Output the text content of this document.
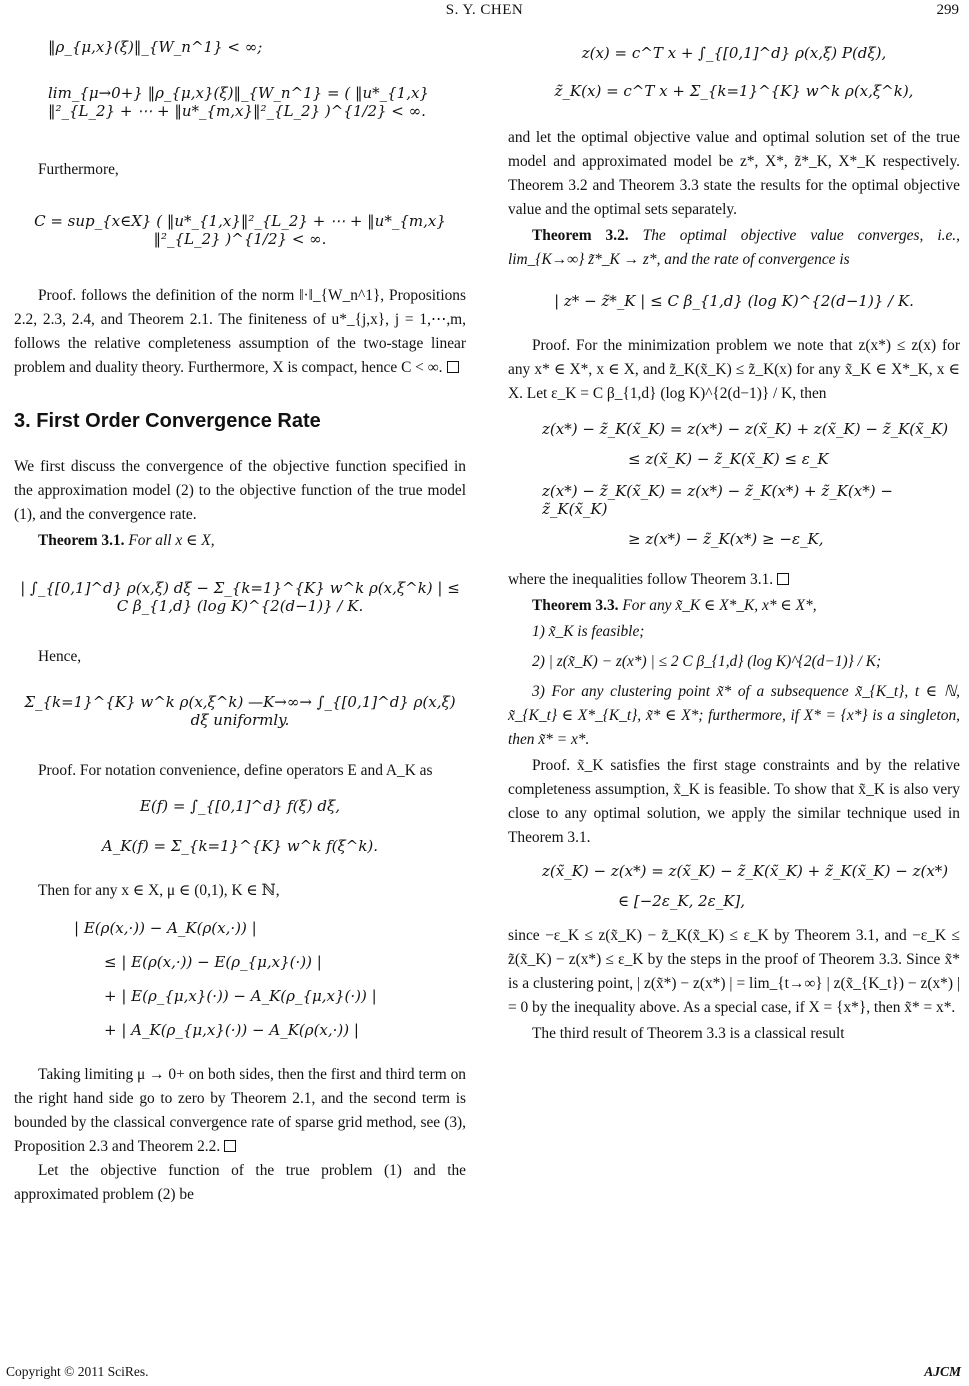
S. Y. CHEN	299

‖ρ_{μ,x}(ξ)‖_{W_n^1} < ∞;

lim_{μ→0+} ‖ρ_{μ,x}(ξ)‖_{W_n^1} = ( ‖u*_{1,x}‖²_{L_2} + ⋯ + ‖u*_{m,x}‖²_{L_2} )^{1/2} < ∞.

Furthermore,

C = sup_{x∈X} ( ‖u*_{1,x}‖²_{L_2} + ⋯ + ‖u*_{m,x}‖²_{L_2} )^{1/2} < ∞.

Proof. follows the definition of the norm ‖·‖_{W_n^1}, Propositions 2.2, 2.3, 2.4, and Theorem 2.1. The finiteness of u*_{j,x}, j = 1,⋯,m, follows the relative completeness assumption of the two-stage linear problem and duality theory. Furthermore, X is compact, hence C < ∞.

3. First Order Convergence Rate

We first discuss the convergence of the objective function specified in the approximation model (2) to the objective function of the true model (1), and the convergence rate.

Theorem 3.1. For all x ∈ X,

| ∫_{[0,1]^d} ρ(x,ξ) dξ − Σ_{k=1}^{K} w^k ρ(x,ξ^k) | ≤ C β_{1,d} (log K)^{2(d−1)} / K.

Hence,

Σ_{k=1}^{K} w^k ρ(x,ξ^k) —K→∞→ ∫_{[0,1]^d} ρ(x,ξ) dξ uniformly.

Proof. For notation convenience, define operators E and A_K as

E(f) = ∫_{[0,1]^d} f(ξ) dξ,

A_K(f) = Σ_{k=1}^{K} w^k f(ξ^k).

Then for any x ∈ X, μ ∈ (0,1), K ∈ ℕ,

| E(ρ(x,·)) − A_K(ρ(x,·)) |

≤ | E(ρ(x,·)) − E(ρ_{μ,x}(·)) |

+ | E(ρ_{μ,x}(·)) − A_K(ρ_{μ,x}(·)) |

+ | A_K(ρ_{μ,x}(·)) − A_K(ρ(x,·)) |

Taking limiting μ → 0+ on both sides, then the first and third term on the right hand side go to zero by Theorem 2.1, and the second term is bounded by the classical convergence rate of sparse grid method, see (3), Proposition 2.3 and Theorem 2.2.

Let the objective function of the true problem (1) and the approximated problem (2) be

z(x) = c^T x + ∫_{[0,1]^d} ρ(x,ξ) P(dξ),

z̃_K(x) = c^T x + Σ_{k=1}^{K} w^k ρ(x,ξ^k),

and let the optimal objective value and optimal solution set of the true model and approximated model be z*, X*, z̃*_K, X*_K respectively. Theorem 3.2 and Theorem 3.3 state the results for the optimal objective value and the optimal sets separately.

Theorem 3.2. The optimal objective value converges, i.e., lim_{K→∞} z̃*_K → z*, and the rate of convergence is

| z* − z̃*_K | ≤ C β_{1,d} (log K)^{2(d−1)} / K.

Proof. For the minimization problem we note that z(x*) ≤ z(x) for any x* ∈ X*, x ∈ X, and z̃_K(x̃_K) ≤ z̃_K(x) for any x̃_K ∈ X*_K, x ∈ X. Let ε_K = C β_{1,d} (log K)^{2(d−1)} / K, then

z(x*) − z̃_K(x̃_K) = z(x*) − z(x̃_K) + z(x̃_K) − z̃_K(x̃_K)

≤ z(x̃_K) − z̃_K(x̃_K) ≤ ε_K

z(x*) − z̃_K(x̃_K) = z(x*) − z̃_K(x*) + z̃_K(x*) − z̃_K(x̃_K)

≥ z(x*) − z̃_K(x*) ≥ −ε_K,

where the inequalities follow Theorem 3.1.

Theorem 3.3. For any x̃_K ∈ X*_K, x* ∈ X*,

1) x̃_K is feasible;

2) | z(x̃_K) − z(x*) | ≤ 2 C β_{1,d} (log K)^{2(d−1)} / K;

3) For any clustering point x̃* of a subsequence x̃_{K_t}, t ∈ ℕ, x̃_{K_t} ∈ X*_{K_t}, x̃* ∈ X*; furthermore, if X* = {x*} is a singleton, then x̃* = x*.

Proof. x̃_K satisfies the first stage constraints and by the relative completeness assumption, x̃_K is feasible. To show that x̃_K is also very close to any optimal solution, we apply the similar technique used in Theorem 3.1.

z(x̃_K) − z(x*) = z(x̃_K) − z̃_K(x̃_K) + z̃_K(x̃_K) − z(x*)

∈ [−2ε_K, 2ε_K],

since −ε_K ≤ z(x̃_K) − z̃_K(x̃_K) ≤ ε_K by Theorem 3.1, and −ε_K ≤ z̃(x̃_K) − z(x*) ≤ ε_K by the steps in the proof of Theorem 3.3. Since x̃* is a clustering point, | z(x̃*) − z(x*) | = lim_{t→∞} | z(x̃_{K_t}) − z(x*) | = 0 by the inequality above. As a special case, if X = {x*}, then x̃* = x*.

The third result of Theorem 3.3 is a classical result

Copyright © 2011 SciRes.	AJCM
